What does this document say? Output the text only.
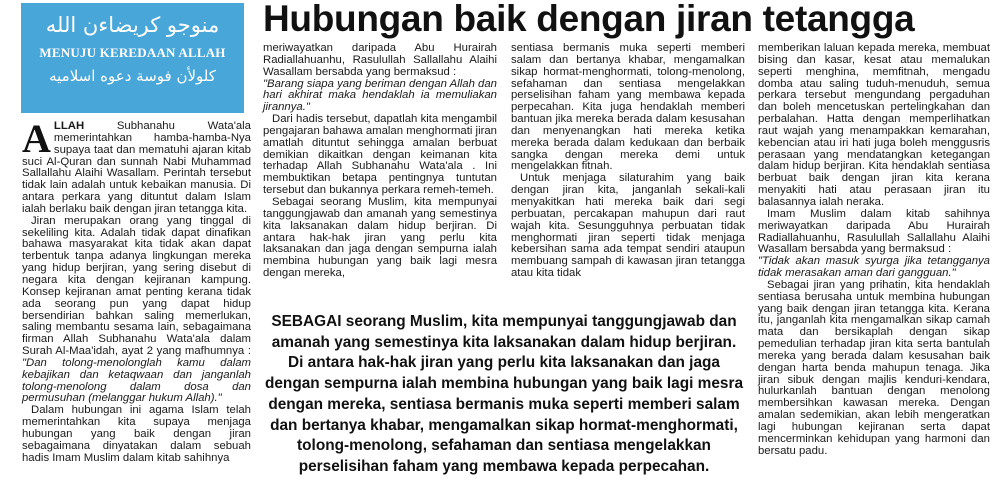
منوجو كريضاءن الله
MENUJU KEREDAAN ALLAH
كلولأن فوسة دعوه اسلاميه
Hubungan baik dengan jiran tetangga

ALLAH Subhanahu Wata'ala memerintahkan hamba-hamba-Nya supaya taat dan mematuhi ajaran kitab suci Al-Quran dan sunnah Nabi Muhammad Sallallahu Alaihi Wasallam. Perintah tersebut tidak lain adalah untuk kebaikan manusia. Di antara perkara yang dituntut dalam Islam ialah berlaku baik dengan jiran tetangga kita.

Jiran merupakan orang yang tinggal di sekeliling kita. Adalah tidak dapat dinafikan bahawa masyarakat kita tidak akan dapat terbentuk tanpa adanya lingkungan mereka yang hidup berjiran, yang sering disebut di negara kita dengan kejiranan kampung. Konsep kejiranan amat penting kerana tidak ada seorang pun yang dapat hidup bersendirian bahkan saling memerlukan, saling membantu sesama lain, sebagaimana firman Allah Subhanahu Wata'ala dalam Surah Al-Maa'idah, ayat 2 yang mafhumnya : "Dan tolong-menolonglah kamu dalam kebajikan dan ketaqwaan dan janganlah tolong-menolong dalam dosa dan permusuhan (melanggar hukum Allah)."

Dalam hubungan ini agama Islam telah memerintahkan kita supaya menjaga hubungan yang baik dengan jiran sebagaimana dinyatakan dalam sebuah hadis Imam Muslim dalam kitab sahihnya

meriwayatkan daripada Abu Hurairah Radiallahuanhu, Rasulullah Sallallahu Alaihi Wasallam bersabda yang bermaksud :

"Barang siapa yang beriman dengan Allah dan hari akhirat maka hendaklah ia memuliakan jirannya."

Dari hadis tersebut, dapatlah kita mengambil pengajaran bahawa amalan menghormati jiran amatlah dituntut sehingga amalan berbuat demikian dikaitkan dengan keimanan kita terhadap Allah Subhanahu Wata'ala . Ini membuktikan betapa pentingnya tuntutan tersebut dan bukannya perkara remeh-temeh.

Sebagai seorang Muslim, kita mempunyai tanggungjawab dan amanah yang semestinya kita laksanakan dalam hidup berjiran. Di antara hak-hak jiran yang perlu kita laksanakan dan jaga dengan sempurna ialah membina hubungan yang baik lagi mesra dengan mereka,

sentiasa bermanis muka seperti memberi salam dan bertanya khabar, mengamalkan sikap hormat-menghormati, tolong-menolong, sefahaman dan sentiasa mengelakkan perselisihan faham yang membawa kepada perpecahan. Kita juga hendaklah memberi bantuan jika mereka berada dalam kesusahan dan menyenangkan hati mereka ketika mereka berada dalam kedukaan dan berbaik sangka dengan mereka demi untuk mengelakkan fitnah.

Untuk menjaga silaturahim yang baik dengan jiran kita, janganlah sekali-kali menyakitkan hati mereka baik dari segi perbuatan, percakapan mahupun dari raut wajah kita. Sesungguhnya perbuatan tidak menghormati jiran seperti tidak menjaga kebersihan sama ada tempat sendiri ataupun membuang sampah di kawasan jiran tetangga atau kita tidak

memberikan laluan kepada mereka, membuat bising dan kasar, kesat atau memalukan seperti menghina, memfitnah, mengadu domba atau saling tuduh-menuduh, semua perkara tersebut mengundang pergaduhan dan boleh mencetuskan pertelingkahan dan perbalahan. Hatta dengan memperlihatkan raut wajah yang menampakkan kemarahan, kebencian atau iri hati juga boleh menggusris perasaan yang mendatangkan ketegangan dalam hidup berjiran. Kita hendaklah sentiasa berbuat baik dengan jiran kita kerana menyakiti hati atau perasaan jiran itu balasannya ialah neraka.

Imam Muslim dalam kitab sahihnya meriwayatkan daripada Abu Hurairah Radiallahuanhu, Rasulullah Sallallahu Alaihi Wasallam bersabda yang bermaksud :

"Tidak akan masuk syurga jika tetangganya tidak merasakan aman dari gangguan."

Sebagai jiran yang prihatin, kita hendaklah sentiasa berusaha untuk membina hubungan yang baik dengan jiran tetangga kita. Kerana itu, janganlah kita mengamalkan sikap camah mata dan bersikaplah dengan sikap pemedulian terhadap jiran kita serta bantulah mereka yang berada dalam kesusahan baik dengan harta benda mahupun tenaga. Jika jiran sibuk dengan majlis kenduri-kendara, hulurkanlah bantuan dengan menolong membersihkan kawasan mereka. Dengan amalan sedemikian, akan lebih mengeratkan lagi hubungan kejiranan serta dapat mencerminkan kehidupan yang harmoni dan bersatu padu.

SEBAGAI seorang Muslim, kita mempunyai tanggungjawab dan amanah yang semestinya kita laksanakan dalam hidup berjiran. Di antara hak-hak jiran yang perlu kita laksanakan dan jaga dengan sempurna ialah membina hubungan yang baik lagi mesra dengan mereka, sentiasa bermanis muka seperti memberi salam dan bertanya khabar, mengamalkan sikap hormat-menghormati, tolong-menolong, sefahaman dan sentiasa mengelakkan perselisihan faham yang membawa kepada perpecahan.
